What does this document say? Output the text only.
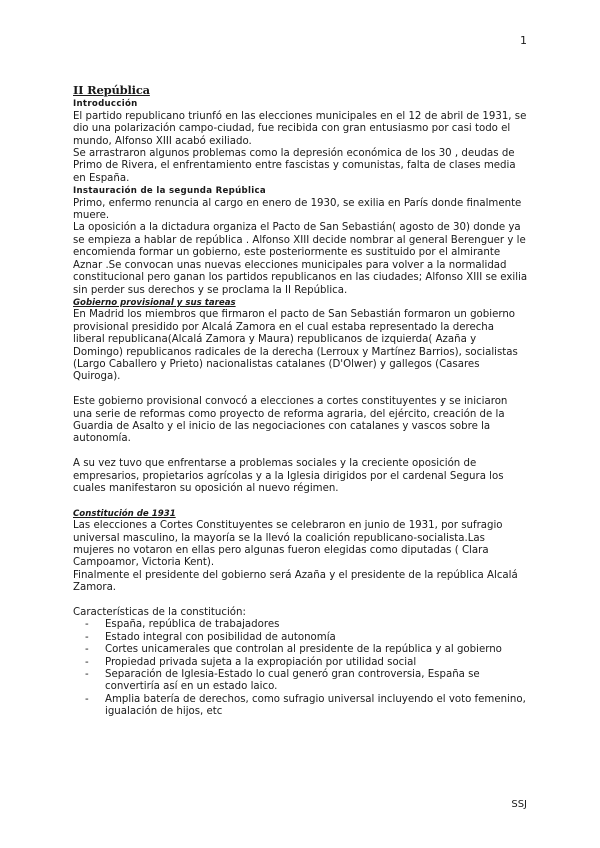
1
II República
Introducción

El partido republicano triunfó en las elecciones municipales en el 12 de abril de 1931, se dio una polarización campo-ciudad, fue recibida con gran entusiasmo por casi todo el mundo, Alfonso XIII acabó exiliado.

Se arrastraron algunos problemas como la depresión económica de los 30 , deudas de Primo de Rivera, el enfrentamiento entre fascistas y comunistas, falta de clases media en España.

Instauración de la segunda República

Primo, enfermo renuncia al cargo en enero de 1930, se exilia en París donde finalmente muere.

La oposición a la dictadura organiza el Pacto de San Sebastián( agosto de 30) donde ya se empieza a hablar de república . Alfonso XIII decide nombrar al general Berenguer y le encomienda formar un gobierno, este posteriormente es sustituido por el almirante Aznar .Se convocan unas nuevas elecciones municipales para volver a la normalidad constitucional pero ganan los partidos republicanos en las ciudades; Alfonso XIII se exilia sin perder sus derechos y se proclama la II República.

Gobierno provisional y sus tareas

En Madrid los miembros que firmaron el pacto de San Sebastián formaron un gobierno provisional presidido por Alcalá Zamora en el cual estaba representado la derecha liberal republicana(Alcalá Zamora y Maura) republicanos de izquierda( Azaña y Domingo) republicanos radicales de la derecha (Lerroux y Martínez Barrios), socialistas (Largo Caballero y Prieto) nacionalistas catalanes (D'Olwer) y gallegos (Casares Quiroga).

Este gobierno provisional convocó a elecciones a cortes constituyentes y se iniciaron una serie de reformas como proyecto de reforma agraria, del ejército, creación de la Guardia de Asalto y el inicio de las negociaciones con catalanes y vascos sobre la autonomía.

A su vez tuvo que enfrentarse a problemas sociales y la creciente oposición de empresarios, propietarios agrícolas y a la Iglesia dirigidos por el cardenal Segura los cuales manifestaron su oposición al nuevo régimen.

Constitución de 1931

Las elecciones a Cortes Constituyentes se celebraron en junio de 1931, por sufragio universal masculino, la mayoría se la llevó la coalición republicano-socialista.Las mujeres no votaron en ellas pero algunas fueron elegidas como diputadas ( Clara Campoamor, Victoria Kent).

Finalmente el presidente del gobierno será Azaña y el presidente de la república Alcalá Zamora.

Características de la constitución:

- España, república de trabajadores
- Estado integral con posibilidad de autonomía
- Cortes unicamerales que controlan al presidente de la república y al gobierno
- Propiedad privada sujeta a la expropiación por utilidad social
- Separación de Iglesia-Estado lo cual generó gran controversia, España se convertiría así en un estado laico.
- Amplia batería de derechos, como sufragio universal incluyendo el voto femenino, igualación de hijos, etc
SSJ
